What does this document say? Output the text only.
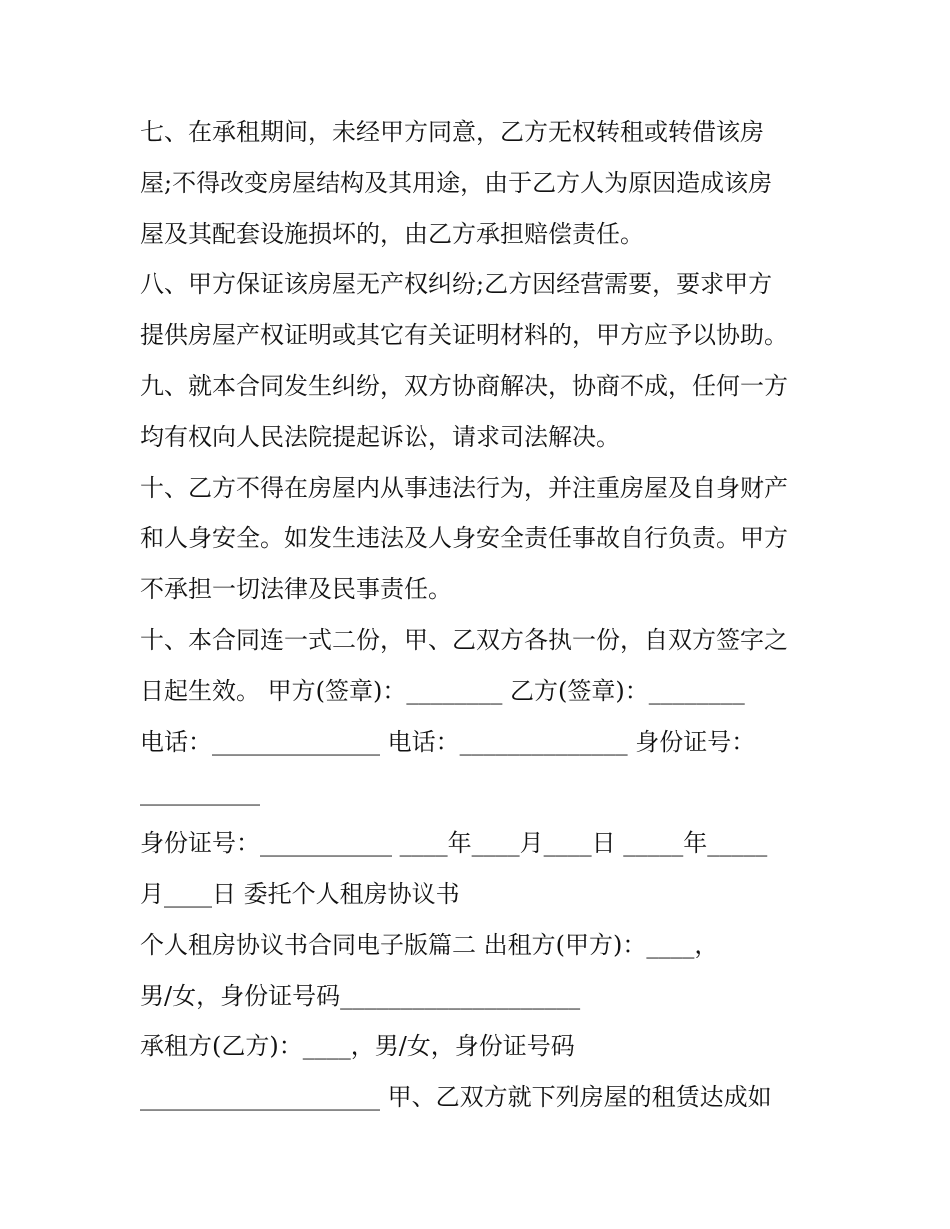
七、在承租期间，未经甲方同意，乙方无权转租或转借该房
屋;不得改变房屋结构及其用途，由于乙方人为原因造成该房
屋及其配套设施损坏的，由乙方承担赔偿责任。
八、甲方保证该房屋无产权纠纷;乙方因经营需要，要求甲方
提供房屋产权证明或其它有关证明材料的，甲方应予以协助。
九、就本合同发生纠纷，双方协商解决，协商不成，任何一方
均有权向人民法院提起诉讼，请求司法解决。
十、乙方不得在房屋内从事违法行为，并注重房屋及自身财产
和人身安全。如发生违法及人身安全责任事故自行负责。甲方
不承担一切法律及民事责任。
十、本合同连一式二份，甲、乙双方各执一份，自双方签字之
日起生效。 甲方(签章)：________ 乙方(签章)：________
电话：______________ 电话：______________ 身份证号：
__________
身份证号：___________ ____年____月____日 _____年_____
月____日 委托个人租房协议书
个人租房协议书合同电子版篇二 出租方(甲方)：____，
男/女，身份证号码____________________
承租方(乙方)：____，男/女，身份证号码
____________________ 甲、乙双方就下列房屋的租赁达成如
